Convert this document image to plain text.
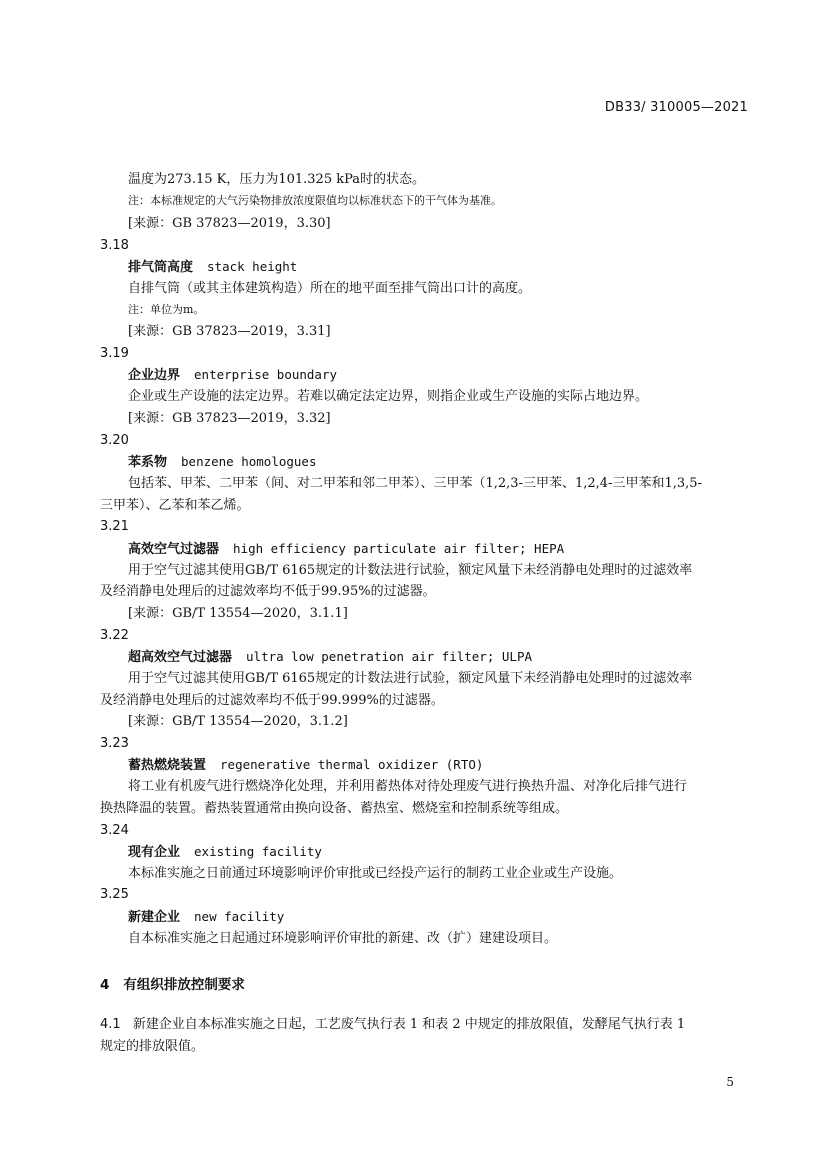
DB33/ 310005—2021
温度为273.15 K，压力为101.325 kPa时的状态。
注：本标准规定的大气污染物排放浓度限值均以标准状态下的干气体为基准。
[来源：GB 37823—2019，3.30]
3.18
排气筒高度 stack height
自排气筒（或其主体建筑构造）所在的地平面至排气筒出口计的高度。
注：单位为m。
[来源：GB 37823—2019，3.31]
3.19
企业边界 enterprise boundary
企业或生产设施的法定边界。若难以确定法定边界，则指企业或生产设施的实际占地边界。
[来源：GB 37823—2019，3.32]
3.20
苯系物 benzene homologues
包括苯、甲苯、二甲苯（间、对二甲苯和邻二甲苯）、三甲苯（1,2,3-三甲苯、1,2,4-三甲苯和1,3,5-
三甲苯）、乙苯和苯乙烯。
3.21
高效空气过滤器 high efficiency particulate air filter; HEPA
用于空气过滤其使用GB/T 6165规定的计数法进行试验，额定风量下未经消静电处理时的过滤效率
及经消静电处理后的过滤效率均不低于99.95%的过滤器。
[来源：GB/T 13554—2020，3.1.1]
3.22
超高效空气过滤器 ultra low penetration air filter; ULPA
用于空气过滤其使用GB/T 6165规定的计数法进行试验，额定风量下未经消静电处理时的过滤效率
及经消静电处理后的过滤效率均不低于99.999%的过滤器。
[来源：GB/T 13554—2020，3.1.2]
3.23
蓄热燃烧装置 regenerative thermal oxidizer (RTO)
将工业有机废气进行燃烧净化处理，并利用蓄热体对待处理废气进行换热升温、对净化后排气进行
换热降温的装置。蓄热装置通常由换向设备、蓄热室、燃烧室和控制系统等组成。
3.24
现有企业 existing facility
本标准实施之日前通过环境影响评价审批或已经投产运行的制药工业企业或生产设施。
3.25
新建企业 new facility
自本标准实施之日起通过环境影响评价审批的新建、改（扩）建建设项目。
4 有组织排放控制要求
4.1 新建企业自本标准实施之日起，工艺废气执行表 1 和表 2 中规定的排放限值，发酵尾气执行表 1
规定的排放限值。
5
